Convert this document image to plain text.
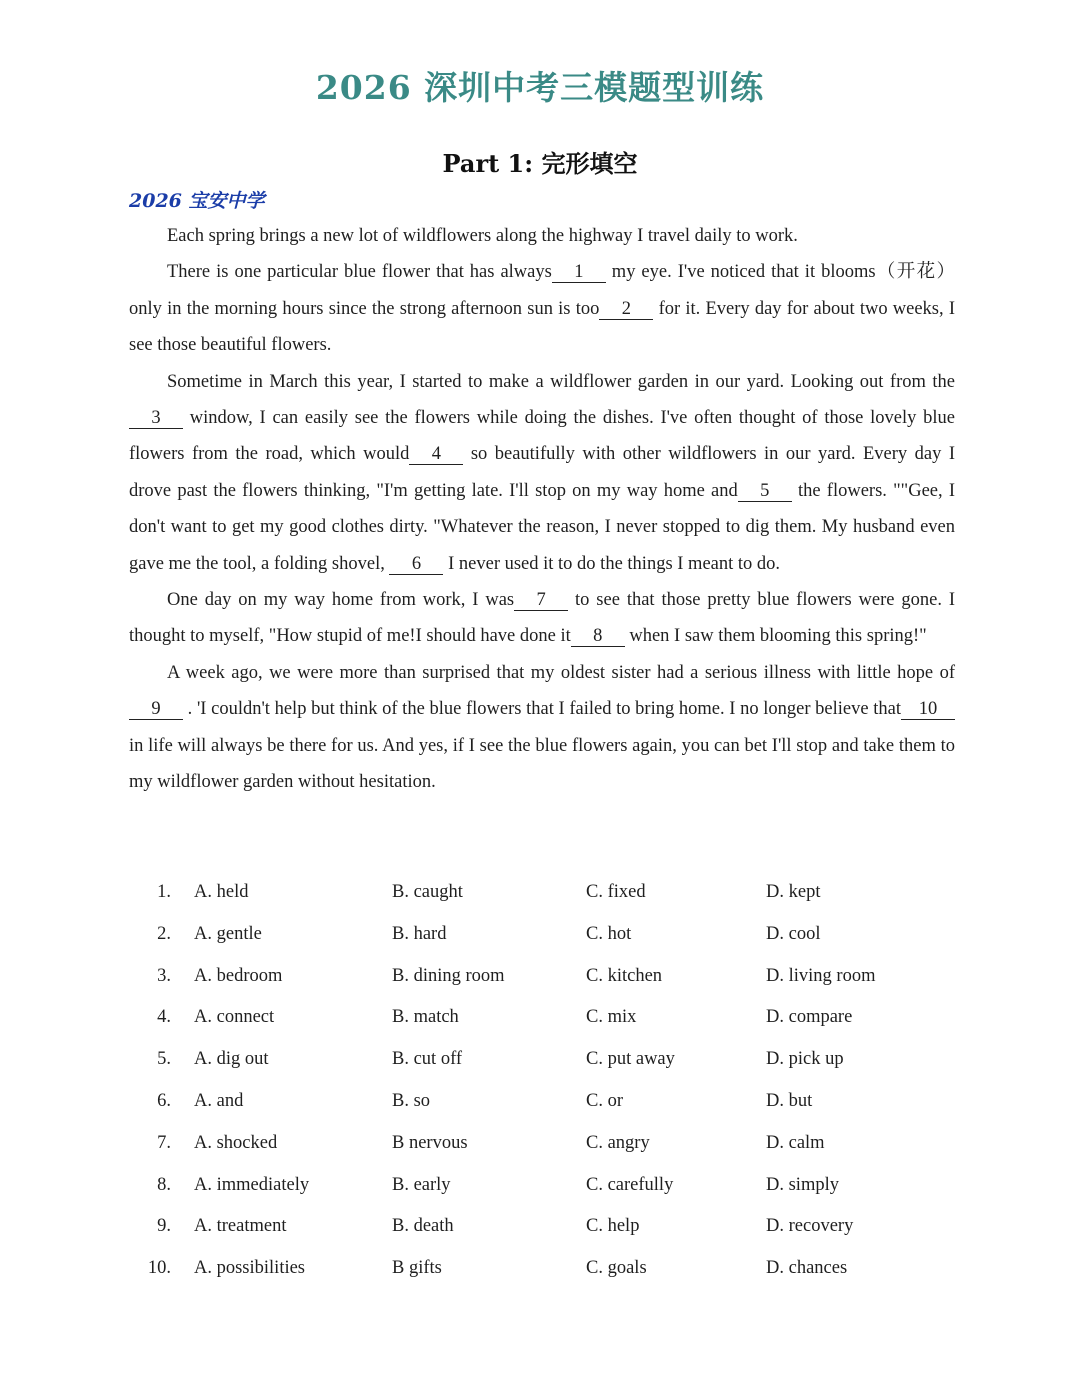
2026 深圳中考三模题型训练
Part 1: 完形填空
2026 宝安中学

Each spring brings a new lot of wildflowers along the highway I travel daily to work.

There is one particular blue flower that has always 1 my eye. I've noticed that it blooms（开花）only in the morning hours since the strong afternoon sun is too 2 for it. Every day for about two weeks, I see those beautiful flowers.

Sometime in March this year, I started to make a wildflower garden in our yard. Looking out from the3 window, I can easily see the flowers while doing the dishes. I've often thought of those lovely blue flowers from the road, which would 4 so beautifully with other wildflowers in our yard. Every day I drove past the flowers thinking, "I'm getting late. I'll stop on my way home and 5 the flowers. ""Gee, I don't want to get my good clothes dirty. "Whatever the reason, I never stopped to dig them. My husband even gave me the tool, a folding shovel, 6 I never used it to do the things I meant to do.

One day on my way home from work, I was 7 to see that those pretty blue flowers were gone. I thought to myself, "How stupid of me!I should have done it 8 when I saw them blooming this spring!"

A week ago, we were more than surprised that my oldest sister had a serious illness with little hope of9 . 'I couldn't help but think of the blue flowers that I failed to bring home. I no longer believe that 10 in life will always be there for us. And yes, if I see the blue flowers again, you can bet I'll stop and take them to my wildflower garden without hesitation.

1. A. held	B. caught	C. fixed	D. kept
2. A. gentle	B. hard	C. hot	D. cool
3. A. bedroom	B. dining room	C. kitchen	D. living room
4. A. connect	B. match	C. mix	D. compare
5. A. dig out	B. cut off	C. put away	D. pick up
6. A. and	B. so	C. or	D. but
7. A. shocked	B nervous	C. angry	D. calm
8. A. immediately	B. early	C. carefully	D. simply
9. A. treatment	B. death	C. help	D. recovery
10. A. possibilities	B gifts	C. goals	D. chances
